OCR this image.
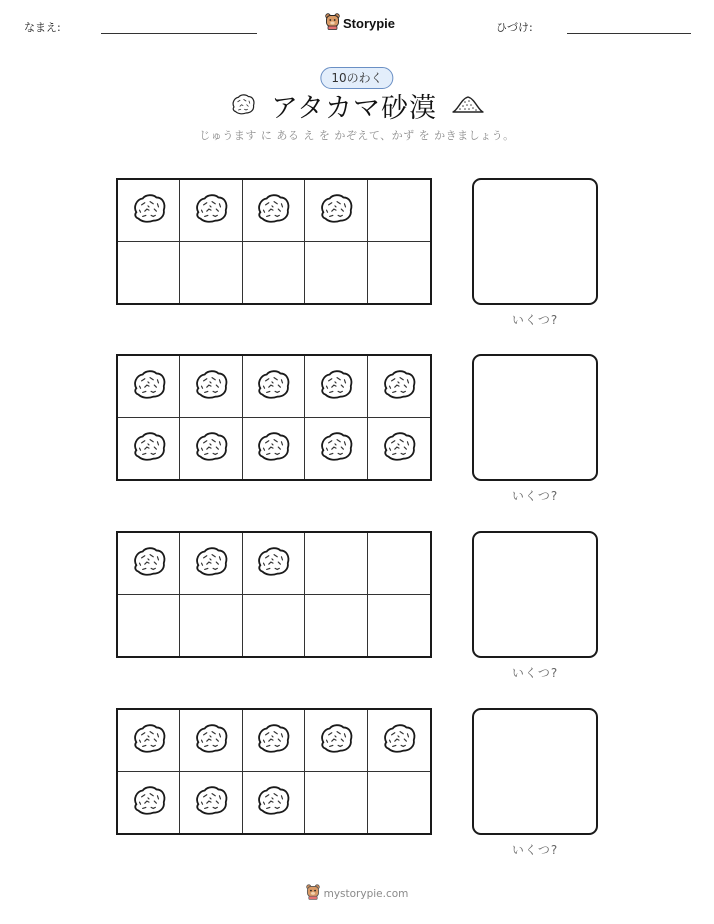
なまえ:	Storypie	ひづけ:
10のわく
アタカマ砂漠
じゅうます に ある え を かぞえて、かず を かきましょう。
いくつ?
いくつ?
いくつ?
いくつ?
mystorypie.com
